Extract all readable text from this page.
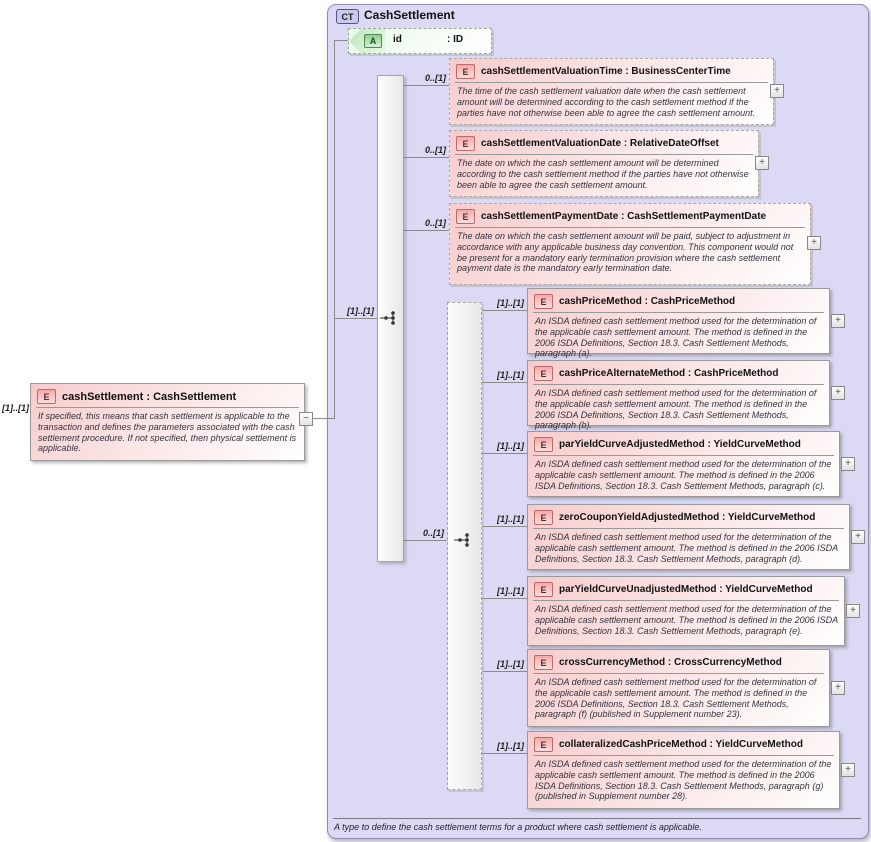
CT CashSettlement
A type to define the cash settlement terms for a product where cash settlement is applicable.
[1]..[1]
E	cashSettlement : CashSettlement
If specified, this means that cash settlement is applicable to the transaction and defines the parameters associated with the cash settlement procedure. If not specified, then physical settlement is applicable.
−
A	id	: ID
[1]..[1]
0..[1]
0..[1]
E	cashSettlementValuationTime : BusinessCenterTime
The time of the cash settlement valuation date when the cash settlement amount will be determined according to the cash settlement method if the parties have not otherwise been able to agree the cash settlement amount.
+
0..[1]
E	cashSettlementValuationDate : RelativeDateOffset
The date on which the cash settlement amount will be determined according to the cash settlement method if the parties have not otherwise been able to agree the cash settlement amount.
+
0..[1]
E	cashSettlementPaymentDate : CashSettlementPaymentDate
The date on which the cash settlement amount will be paid, subject to adjustment in accordance with any applicable business day convention. This component would not be present for a mandatory early termination provision where the cash settlement payment date is the mandatory early termination date.
+
[1]..[1]	E	cashPriceMethod : CashPriceMethod
An ISDA defined cash settlement method used for the determination of the applicable cash settlement amount. The method is defined in the 2006 ISDA Definitions, Section 18.3. Cash Settlement Methods, paragraph (a).
+
[1]..[1]	E	cashPriceAlternateMethod : CashPriceMethod
An ISDA defined cash settlement method used for the determination of the applicable cash settlement amount. The method is defined in the 2006 ISDA Definitions, Section 18.3. Cash Settlement Methods, paragraph (b).
+
[1]..[1]	E	parYieldCurveAdjustedMethod : YieldCurveMethod
An ISDA defined cash settlement method used for the determination of the applicable cash settlement amount. The method is defined in the 2006 ISDA Definitions, Section 18.3. Cash Settlement Methods, paragraph (c).
+
[1]..[1]	E	zeroCouponYieldAdjustedMethod : YieldCurveMethod
An ISDA defined cash settlement method used for the determination of the applicable cash settlement amount. The method is defined in the 2006 ISDA Definitions, Section 18.3. Cash Settlement Methods, paragraph (d).
+
[1]..[1]	E	parYieldCurveUnadjustedMethod : YieldCurveMethod
An ISDA defined cash settlement method used for the determination of the applicable cash settlement amount. The method is defined in the 2006 ISDA Definitions, Section 18.3. Cash Settlement Methods, paragraph (e).
+
[1]..[1]	E	crossCurrencyMethod : CrossCurrencyMethod
An ISDA defined cash settlement method used for the determination of the applicable cash settlement amount. The method is defined in the 2006 ISDA Definitions, Section 18.3. Cash Settlement Methods, paragraph (f) (published in Supplement number 23).
+
[1]..[1]	E	collateralizedCashPriceMethod : YieldCurveMethod
An ISDA defined cash settlement method used for the determination of the applicable cash settlement amount. The method is defined in the 2006 ISDA Definitions, Section 18.3. Cash Settlement Methods, paragraph (g) (published in Supplement number 28).
+
